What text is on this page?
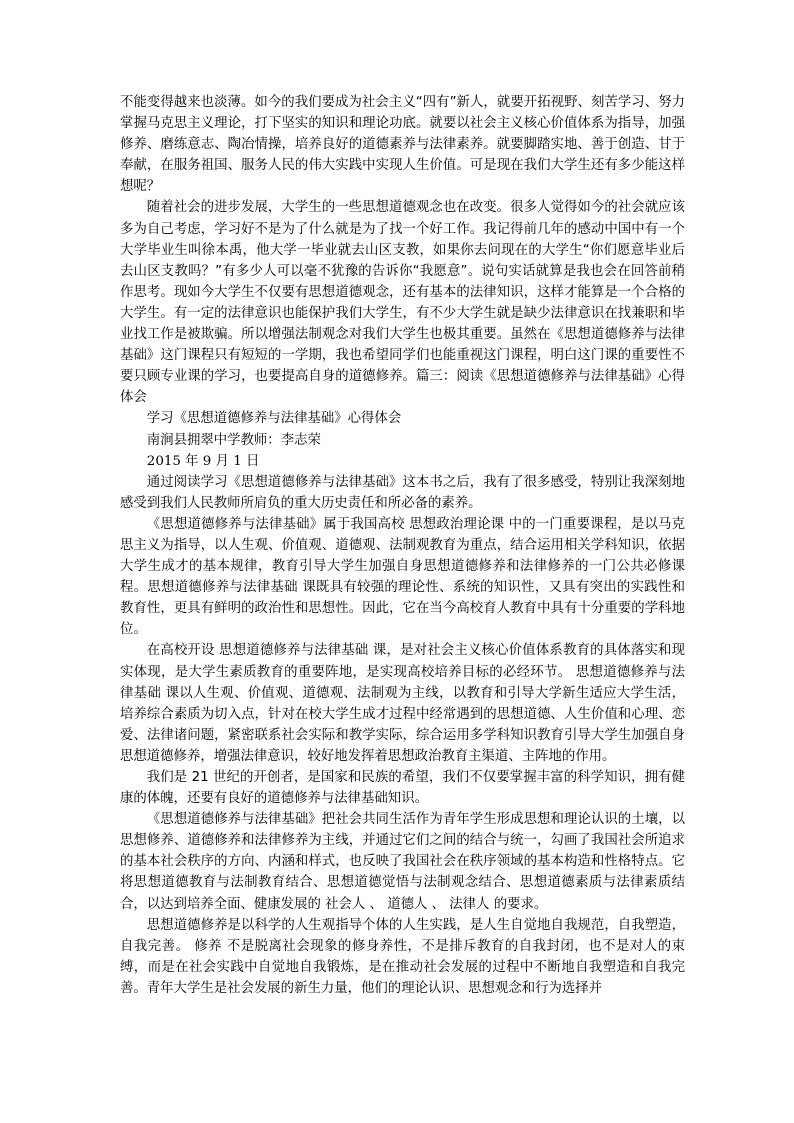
不能变得越来也淡薄。如今的我们要成为社会主义“四有”新人，就要开拓视野、刻苦学习、努力掌握马克思主义理论，打下坚实的知识和理论功底。就要以社会主义核心价值体系为指导，加强修养、磨练意志、陶冶情操，培养良好的道德素养与法律素养。就要脚踏实地、善于创造、甘于奉献，在服务祖国、服务人民的伟大实践中实现人生价值。可是现在我们大学生还有多少能这样想呢？

随着社会的进步发展，大学生的一些思想道德观念也在改变。很多人觉得如今的社会就应该多为自己考虑，学习好不是为了什么就是为了找一个好工作。我记得前几年的感动中国中有一个大学毕业生叫徐本禹，他大学一毕业就去山区支教，如果你去问现在的大学生“你们愿意毕业后去山区支教吗？”有多少人可以毫不犹豫的告诉你“我愿意”。说句实话就算是我也会在回答前稍作思考。现如今大学生不仅要有思想道德观念，还有基本的法律知识，这样才能算是一个合格的大学生。有一定的法律意识也能保护我们大学生，有不少大学生就是缺少法律意识在找兼职和毕业找工作是被欺骗。所以增强法制观念对我们大学生也极其重要。虽然在《思想道德修养与法律基础》这门课程只有短短的一学期，我也希望同学们也能重视这门课程，明白这门课的重要性不要只顾专业课的学习，也要提高自身的道德修养。篇三：阅读《思想道德修养与法律基础》心得体会

学习《思想道德修养与法律基础》心得体会

南涧县拥翠中学教师：李志荣

2015 年 9 月 1 日

通过阅读学习《思想道德修养与法律基础》这本书之后，我有了很多感受，特别让我深刻地感受到我们人民教师所肩负的重大历史责任和所必备的素养。

《思想道德修养与法律基础》属于我国高校 思想政治理论课 中的一门重要课程，是以马克思主义为指导，以人生观、价值观、道德观、法制观教育为重点，结合运用相关学科知识，依据大学生成才的基本规律，教育引导大学生加强自身思想道德修养和法律修养的一门公共必修课程。思想道德修养与法律基础 课既具有较强的理论性、系统的知识性，又具有突出的实践性和教育性，更具有鲜明的政治性和思想性。因此，它在当今高校育人教育中具有十分重要的学科地位。

在高校开设 思想道德修养与法律基础 课，是对社会主义核心价值体系教育的具体落实和现实体现，是大学生素质教育的重要阵地，是实现高校培养目标的必经环节。 思想道德修养与法律基础 课以人生观、价值观、道德观、法制观为主线，以教育和引导大学新生适应大学生活，培养综合素质为切入点，针对在校大学生成才过程中经常遇到的思想道德、人生价值和心理、恋爱、法律诸问题，紧密联系社会实际和教学实际，综合运用多学科知识教育引导大学生加强自身思想道德修养，增强法律意识，较好地发挥着思想政治教育主渠道、主阵地的作用。

我们是 21 世纪的开创者，是国家和民族的希望，我们不仅要掌握丰富的科学知识，拥有健康的体魄，还要有良好的道德修养与法律基础知识。

《思想道德修养与法律基础》把社会共同生活作为青年学生形成思想和理论认识的土壤，以思想修养、道德修养和法律修养为主线，并通过它们之间的结合与统一，勾画了我国社会所追求的基本社会秩序的方向、内涵和样式，也反映了我国社会在秩序领域的基本构造和性格特点。它将思想道德教育与法制教育结合、思想道德觉悟与法制观念结合、思想道德素质与法律素质结合，以达到培养全面、健康发展的 社会人 、 道德人 、 法律人 的要求。

思想道德修养是以科学的人生观指导个体的人生实践，是人生自觉地自我规范，自我塑造，自我完善。 修养 不是脱离社会现象的修身养性，不是排斥教育的自我封闭，也不是对人的束缚，而是在社会实践中自觉地自我锻炼，是在推动社会发展的过程中不断地自我塑造和自我完善。青年大学生是社会发展的新生力量，他们的理论认识、思想观念和行为选择并
